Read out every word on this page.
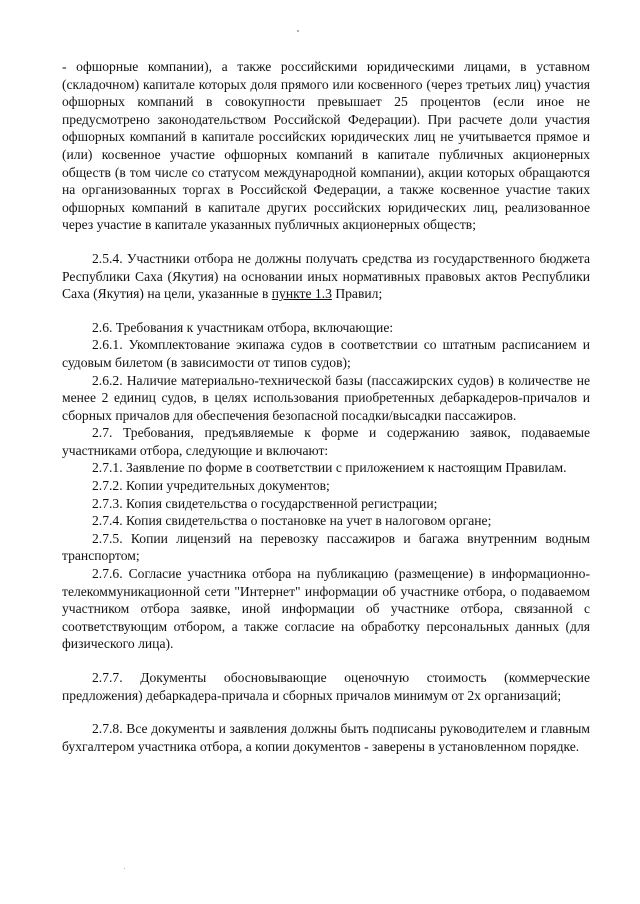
- офшорные компании), а также российскими юридическими лицами, в уставном (складочном) капитале которых доля прямого или косвенного (через третьих лиц) участия офшорных компаний в совокупности превышает 25 процентов (если иное не предусмотрено законодательством Российской Федерации). При расчете доли участия офшорных компаний в капитале российских юридических лиц не учитывается прямое и (или) косвенное участие офшорных компаний в капитале публичных акционерных обществ (в том числе со статусом международной компании), акции которых обращаются на организованных торгах в Российской Федерации, а также косвенное участие таких офшорных компаний в капитале других российских юридических лиц, реализованное через участие в капитале указанных публичных акционерных обществ;

2.5.4. Участники отбора не должны получать средства из государственного бюджета Республики Саха (Якутия) на основании иных нормативных правовых актов Республики Саха (Якутия) на цели, указанные в пункте 1.3 Правил;

2.6. Требования к участникам отбора, включающие:

2.6.1. Укомплектование экипажа судов в соответствии со штатным расписанием и судовым билетом (в зависимости от типов судов);

2.6.2. Наличие материально-технической базы (пассажирских судов) в количестве не менее 2 единиц судов, в целях использования приобретенных дебаркадеров-причалов и сборных причалов для обеспечения безопасной посадки/высадки пассажиров.

2.7. Требования, предъявляемые к форме и содержанию заявок, подаваемые участниками отбора, следующие и включают:

2.7.1. Заявление по форме в соответствии с приложением к настоящим Правилам.

2.7.2. Копии учредительных документов;

2.7.3. Копия свидетельства о государственной регистрации;

2.7.4. Копия свидетельства о постановке на учет в налоговом органе;

2.7.5. Копии лицензий на перевозку пассажиров и багажа внутренним водным транспортом;

2.7.6. Согласие участника отбора на публикацию (размещение) в информационно-телекоммуникационной сети "Интернет" информации об участнике отбора, о подаваемом участником отбора заявке, иной информации об участнике отбора, связанной с соответствующим отбором, а также согласие на обработку персональных данных (для физического лица).

2.7.7. Документы обосновывающие оценочную стоимость (коммерческие предложения) дебаркадера-причала и сборных причалов минимум от 2х организаций;

2.7.8. Все документы и заявления должны быть подписаны руководителем и главным бухгалтером участника отбора, а копии документов - заверены в установленном порядке.
